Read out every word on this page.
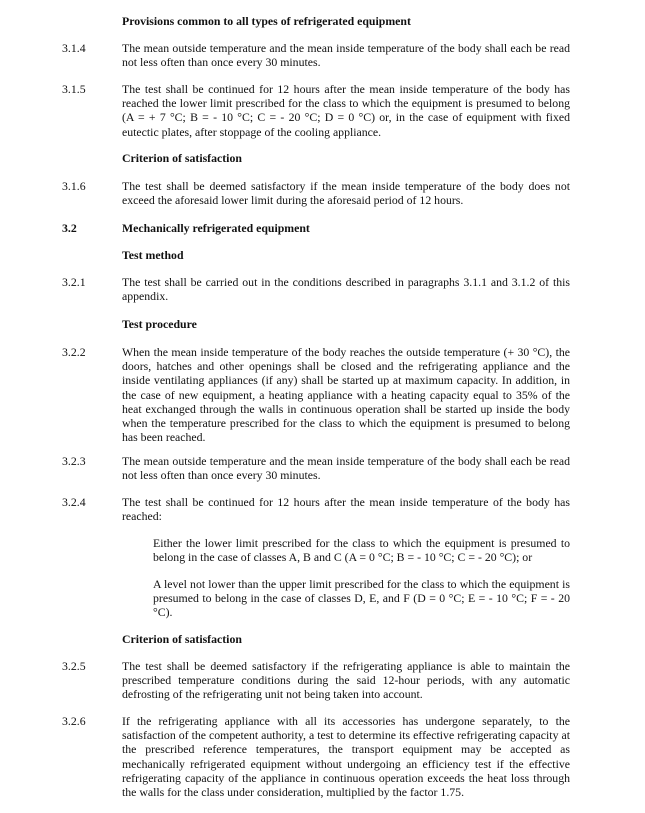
Provisions common to all types of refrigerated equipment

3.1.4	The mean outside temperature and the mean inside temperature of the body shall each be read not less often than once every 30 minutes.

3.1.5	The test shall be continued for 12 hours after the mean inside temperature of the body has reached the lower limit prescribed for the class to which the equipment is presumed to belong (A = + 7 °C; B = - 10 °C; C = - 20 °C; D = 0 °C) or, in the case of equipment with fixed eutectic plates, after stoppage of the cooling appliance.

Criterion of satisfaction

3.1.6	The test shall be deemed satisfactory if the mean inside temperature of the body does not exceed the aforesaid lower limit during the aforesaid period of 12 hours.

3.2	Mechanically refrigerated equipment

Test method

3.2.1	The test shall be carried out in the conditions described in paragraphs 3.1.1 and 3.1.2 of this appendix.

Test procedure

3.2.2	When the mean inside temperature of the body reaches the outside temperature (+ 30 °C), the doors, hatches and other openings shall be closed and the refrigerating appliance and the inside ventilating appliances (if any) shall be started up at maximum capacity. In addition, in the case of new equipment, a heating appliance with a heating capacity equal to 35% of the heat exchanged through the walls in continuous operation shall be started up inside the body when the temperature prescribed for the class to which the equipment is presumed to belong has been reached.

3.2.3	The mean outside temperature and the mean inside temperature of the body shall each be read not less often than once every 30 minutes.

3.2.4	The test shall be continued for 12 hours after the mean inside temperature of the body has reached:

Either the lower limit prescribed for the class to which the equipment is presumed to belong in the case of classes A, B and C (A = 0 °C; B = - 10 °C; C = - 20 °C); or

A level not lower than the upper limit prescribed for the class to which the equipment is presumed to belong in the case of classes D, E, and F (D = 0 °C; E = - 10 °C; F = - 20 °C).

Criterion of satisfaction

3.2.5	The test shall be deemed satisfactory if the refrigerating appliance is able to maintain the prescribed temperature conditions during the said 12-hour periods, with any automatic defrosting of the refrigerating unit not being taken into account.

3.2.6	If the refrigerating appliance with all its accessories has undergone separately, to the satisfaction of the competent authority, a test to determine its effective refrigerating capacity at the prescribed reference temperatures, the transport equipment may be accepted as mechanically refrigerated equipment without undergoing an efficiency test if the effective refrigerating capacity of the appliance in continuous operation exceeds the heat loss through the walls for the class under consideration, multiplied by the factor 1.75.
